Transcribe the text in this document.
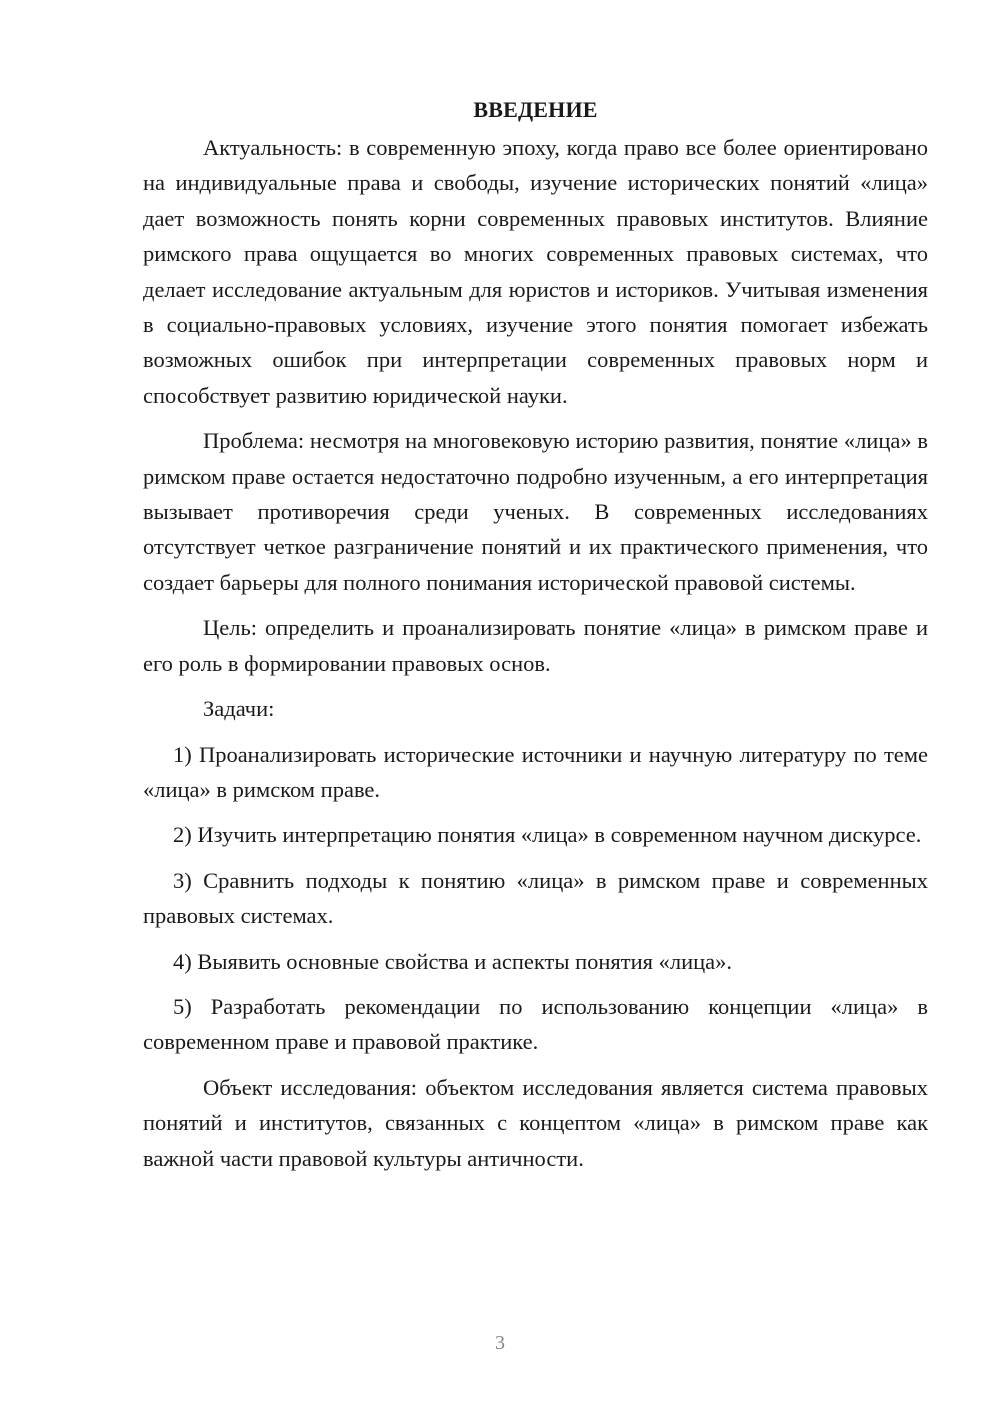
ВВЕДЕНИЕ

Актуальность: в современную эпоху, когда право все более ориентировано на индивидуальные права и свободы, изучение исторических понятий «лица» дает возможность понять корни современных правовых институтов. Влияние римского права ощущается во многих современных правовых системах, что делает исследование актуальным для юристов и историков. Учитывая изменения в социально-правовых условиях, изучение этого понятия помогает избежать возможных ошибок при интерпретации современных правовых норм и способствует развитию юридической науки.

Проблема: несмотря на многовековую историю развития, понятие «лица» в римском праве остается недостаточно подробно изученным, а его интерпретация вызывает противоречия среди ученых. В современных исследованиях отсутствует четкое разграничение понятий и их практического применения, что создает барьеры для полного понимания исторической правовой системы.

Цель: определить и проанализировать понятие «лица» в римском праве и его роль в формировании правовых основ.

Задачи:

1) Проанализировать исторические источники и научную литературу по теме «лица» в римском праве.

2) Изучить интерпретацию понятия «лица» в современном научном дискурсе.

3) Сравнить подходы к понятию «лица» в римском праве и современных правовых системах.

4) Выявить основные свойства и аспекты понятия «лица».

5) Разработать рекомендации по использованию концепции «лица» в современном праве и правовой практике.

Объект исследования: объектом исследования является система правовых понятий и институтов, связанных с концептом «лица» в римском праве как важной части правовой культуры античности.

3
